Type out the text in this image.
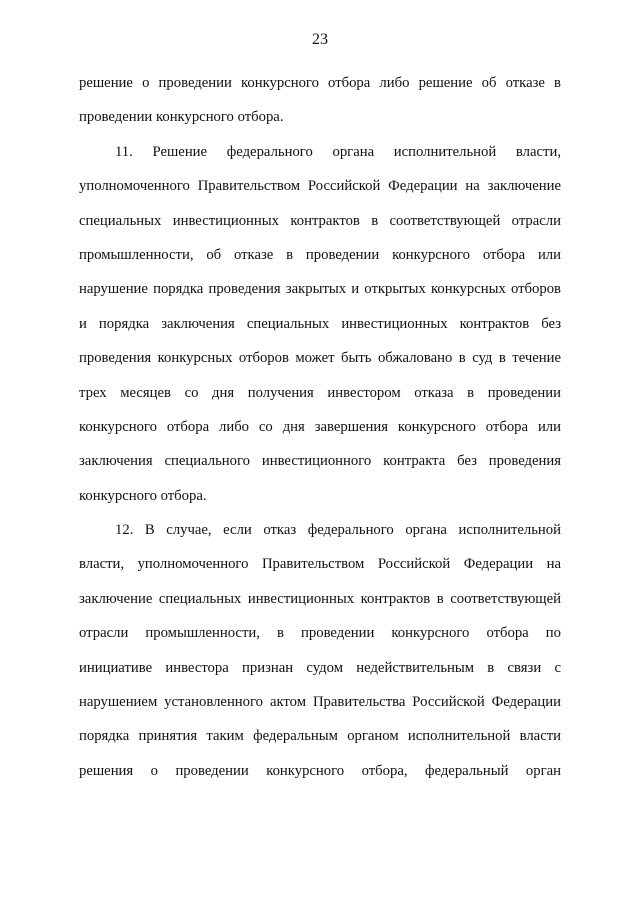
23
решение о проведении конкурсного отбора либо решение об отказе в
проведении конкурсного отбора.
11. Решение федерального органа исполнительной власти,
уполномоченного Правительством Российской Федерации на заключение
специальных инвестиционных контрактов в соответствующей отрасли
промышленности, об отказе в проведении конкурсного отбора или
нарушение порядка проведения закрытых и открытых конкурсных отборов
и порядка заключения специальных инвестиционных контрактов без
проведения конкурсных отборов может быть обжаловано в суд в течение
трех месяцев со дня получения инвестором отказа в проведении
конкурсного отбора либо со дня завершения конкурсного отбора или
заключения специального инвестиционного контракта без проведения
конкурсного отбора.
12. В случае, если отказ федерального органа исполнительной
власти, уполномоченного Правительством Российской Федерации на
заключение специальных инвестиционных контрактов в соответствующей
отрасли промышленности, в проведении конкурсного отбора по
инициативе инвестора признан судом недействительным в связи с
нарушением установленного актом Правительства Российской Федерации
порядка принятия таким федеральным органом исполнительной власти
решения о проведении конкурсного отбора, федеральный орган
